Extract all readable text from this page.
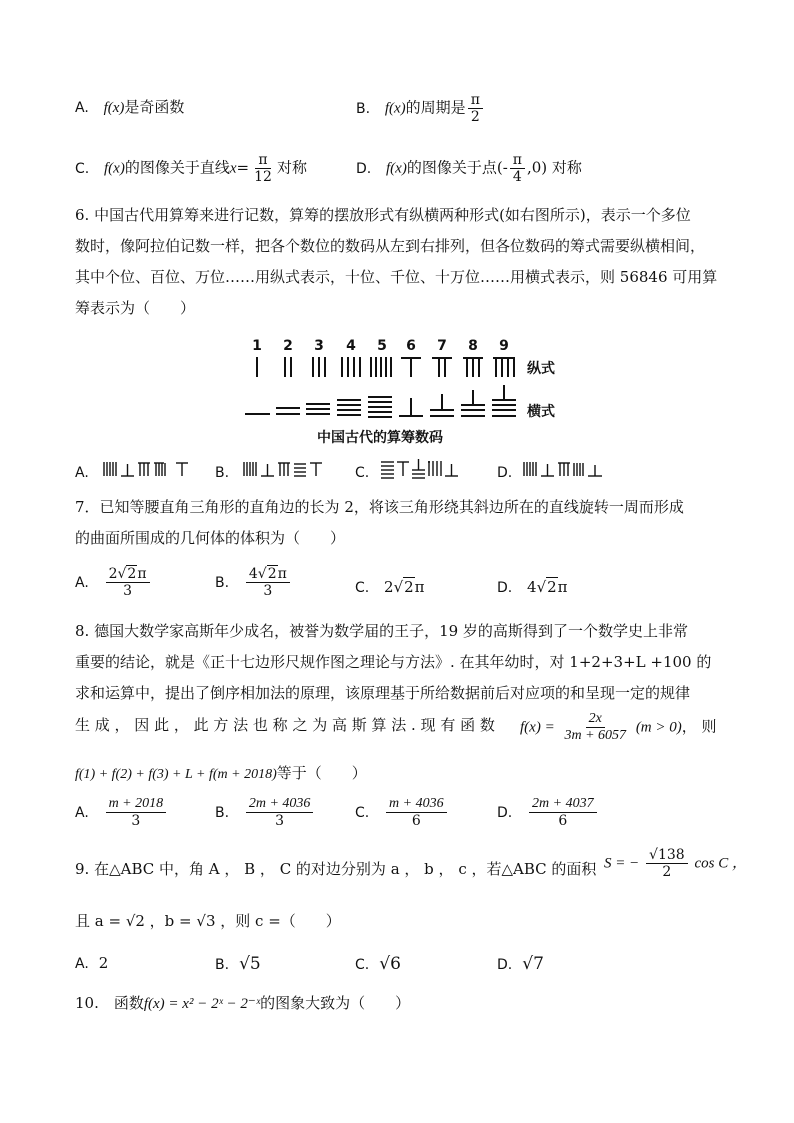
A. f(x)是奇函数	B. f(x)的周期是 $\frac{\pi}{2}$
C. f(x)的图像关于直线$x= \frac{\pi}{12}$ 对称	D. f(x)的图像关于点(- $\frac{\pi}{4} ,0$) 对称
6. 中国古代用算筹来进行记数，算筹的摆放形式有纵横两种形式(如右图所示)，表示一个多位
数时，像阿拉伯记数一样，把各个数位的数码从左到右排列，但各位数码的筹式需要纵横相间，
其中个位、百位、万位……用纵式表示，十位、千位、十万位……用横式表示，则 56846 可用算
筹表示为（　　）
1 2 3 4 5 6 7 8 9
纵式
横式
中国古代的算筹数码
A.	B.	C.	D.
7．已知等腰直角三角形的直角边的长为 2，将该三角形绕其斜边所在的直线旋转一周而形成
的曲面所围成的几何体的体积为（　　）
A. $\frac{2√2\pi}{3}$	B. $\frac{4√2\pi}{3}$	C. 2√2π	D. 4√2π
8. 德国大数学家高斯年少成名，被誉为数学届的王子，19 岁的高斯得到了一个数学史上非常
重要的结论，就是《正十七边形尺规作图之理论与方法》. 在其年幼时，对 1+2+3+L +100 的
求和运算中，提出了倒序相加法的原理，该原理基于所给数据前后对应项的和呈现一定的规律
生 成 ， 因 此 ， 此 方 法 也 称 之 为 高 斯 算 法 . 现 有 函 数 $f(x) = \frac{2x}{3m + 6057} (m > 0)$， 则
f(1) + f(2) + f(3) + L + f(m + 2018)等于（　　）
A. $\frac{m + 2018}{3}$	B. $\frac{2m + 4036}{3}$	C. $\frac{m + 4036}{6}$	D. $\frac{2m + 4037}{6}$
9. 在△ABC 中，角 A ， B ， C 的对边分别为 a ， b ， c ，若△ABC 的面积 S = − $\frac{√138}{2}$ cos C ，
且 a = √2 ，b = √3 ，则 c =（　　）
A. 2	B. √5	C. √6	D. √7
10.　函数f(x) = x² − 2ˣ − 2⁻ˣ的图象大致为（　　）
